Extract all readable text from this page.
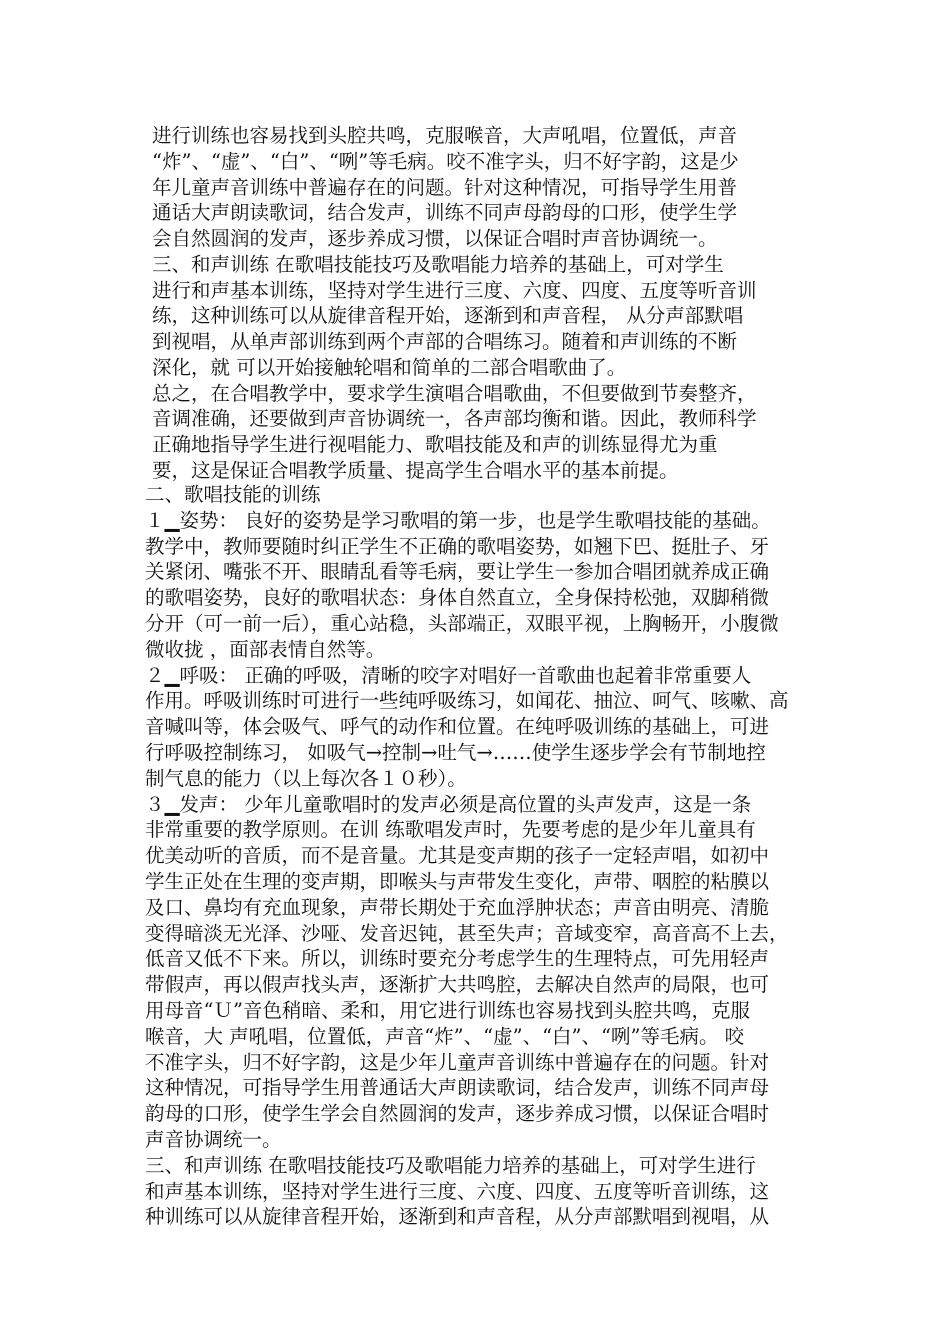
进行训练也容易找到头腔共鸣，克服喉音，大声吼唱，位置低，声音
“炸”、“虚”、“白”、“咧”等毛病。咬不准字头，归不好字韵，这是少
年儿童声音训练中普遍存在的问题。针对这种情况，可指导学生用普
通话大声朗读歌词，结合发声，训练不同声母韵母的口形，使学生学
会自然圆润的发声，逐步养成习惯，以保证合唱时声音协调统一。
三、和声训练 在歌唱技能技巧及歌唱能力培养的基础上，可对学生
进行和声基本训练，坚持对学生进行三度、六度、四度、五度等听音训
练，这种训练可以从旋律音程开始，逐渐到和声音程， 从分声部默唱
到视唱，从单声部训练到两个声部的合唱练习。随着和声训练的不断
深化，就 可以开始接触轮唱和简单的二部合唱歌曲了。
总之，在合唱教学中，要求学生演唱合唱歌曲，不但要做到节奏整齐，
音调准确，还要做到声音协调统一，各声部均衡和谐。因此，教师科学
正确地指导学生进行视唱能力、歌唱技能及和声的训练显得尤为重
要，这是保证合唱教学质量、提高学生合唱水平的基本前提。
二、歌唱技能的训练
１▁姿势： 良好的姿势是学习歌唱的第一步，也是学生歌唱技能的基础。
教学中，教师要随时纠正学生不正确的歌唱姿势，如翘下巴、挺肚子、牙
关紧闭、嘴张不开、眼睛乱看等毛病，要让学生一参加合唱团就养成正确
的歌唱姿势，良好的歌唱状态：身体自然直立，全身保持松弛，双脚稍微
分开（可一前一后），重心站稳，头部端正，双眼平视，上胸畅开，小腹微
微收拢 ，面部表情自然等。
２▁呼吸： 正确的呼吸，清晰的咬字对唱好一首歌曲也起着非常重要人
作用。呼吸训练时可进行一些纯呼吸练习，如闻花、抽泣、呵气、咳嗽、高
音喊叫等，体会吸气、呼气的动作和位置。在纯呼吸训练的基础上，可进
行呼吸控制练习， 如吸气→控制→吐气→……使学生逐步学会有节制地控
制气息的能力（以上每次各１０秒）。
３▁发声： 少年儿童歌唱时的发声必须是高位置的头声发声，这是一条
非常重要的教学原则。在训 练歌唱发声时，先要考虑的是少年儿童具有
优美动听的音质，而不是音量。尤其是变声期的孩子一定轻声唱，如初中
学生正处在生理的变声期，即喉头与声带发生变化，声带、咽腔的粘膜以
及口、鼻均有充血现象，声带长期处于充血浮肿状态；声音由明亮、清脆
变得暗淡无光泽、沙哑、发音迟钝，甚至失声；音域变窄，高音高不上去，
低音又低不下来。所以，训练时要充分考虑学生的生理特点，可先用轻声
带假声，再以假声找头声，逐渐扩大共鸣腔，去解决自然声的局限，也可
用母音“Ｕ”音色稍暗、柔和，用它进行训练也容易找到头腔共鸣，克服
喉音，大 声吼唱，位置低，声音“炸”、“虚”、“白”、“咧”等毛病。 咬
不准字头，归不好字韵，这是少年儿童声音训练中普遍存在的问题。针对
这种情况，可指导学生用普通话大声朗读歌词，结合发声，训练不同声母
韵母的口形，使学生学会自然圆润的发声，逐步养成习惯，以保证合唱时
声音协调统一。
三、和声训练 在歌唱技能技巧及歌唱能力培养的基础上，可对学生进行
和声基本训练，坚持对学生进行三度、六度、四度、五度等听音训练，这
种训练可以从旋律音程开始，逐渐到和声音程，从分声部默唱到视唱，从
